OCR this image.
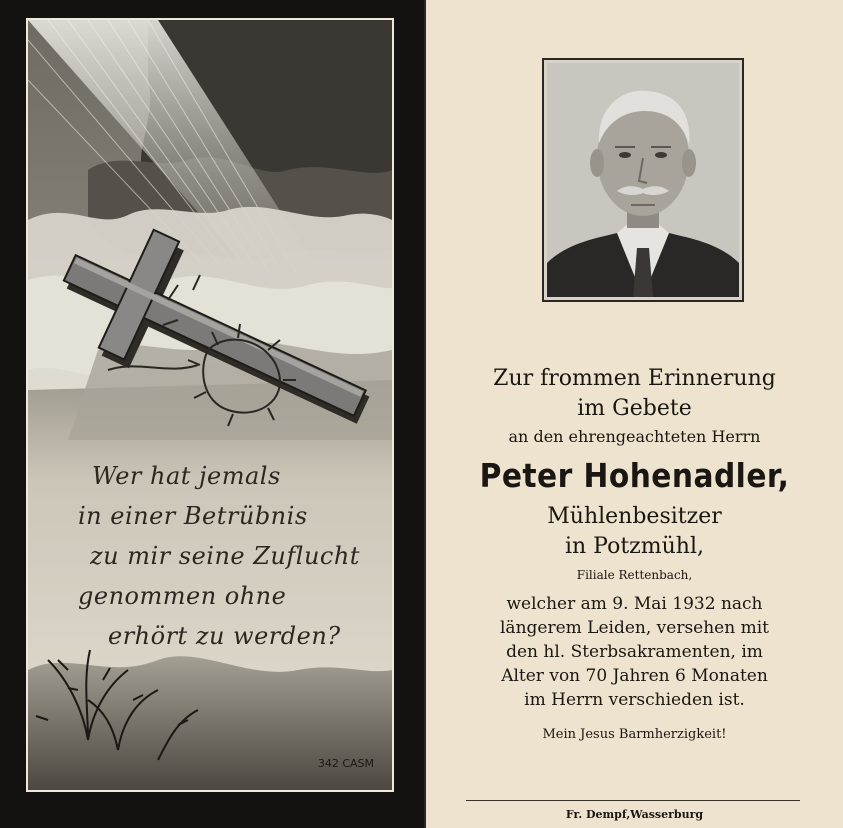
Wer hat jemals
in einer Betrübnis
zu mir seine Zuflucht
genommen ohne
erhört zu werden?
342 CASM
Zur frommen Erinnerung
im Gebete
an den ehrengeachteten Herrn
Peter Hohenadler,
Mühlenbesitzer
in Potzmühl,
Filiale Rettenbach,
welcher am 9. Mai 1932 nach
längerem Leiden, versehen mit
den hl. Sterbsakramenten, im
Alter von 70 Jahren 6 Monaten
im Herrn verschieden ist.
Mein Jesus Barmherzigkeit!
Fr. Dempf,Wasserburg
